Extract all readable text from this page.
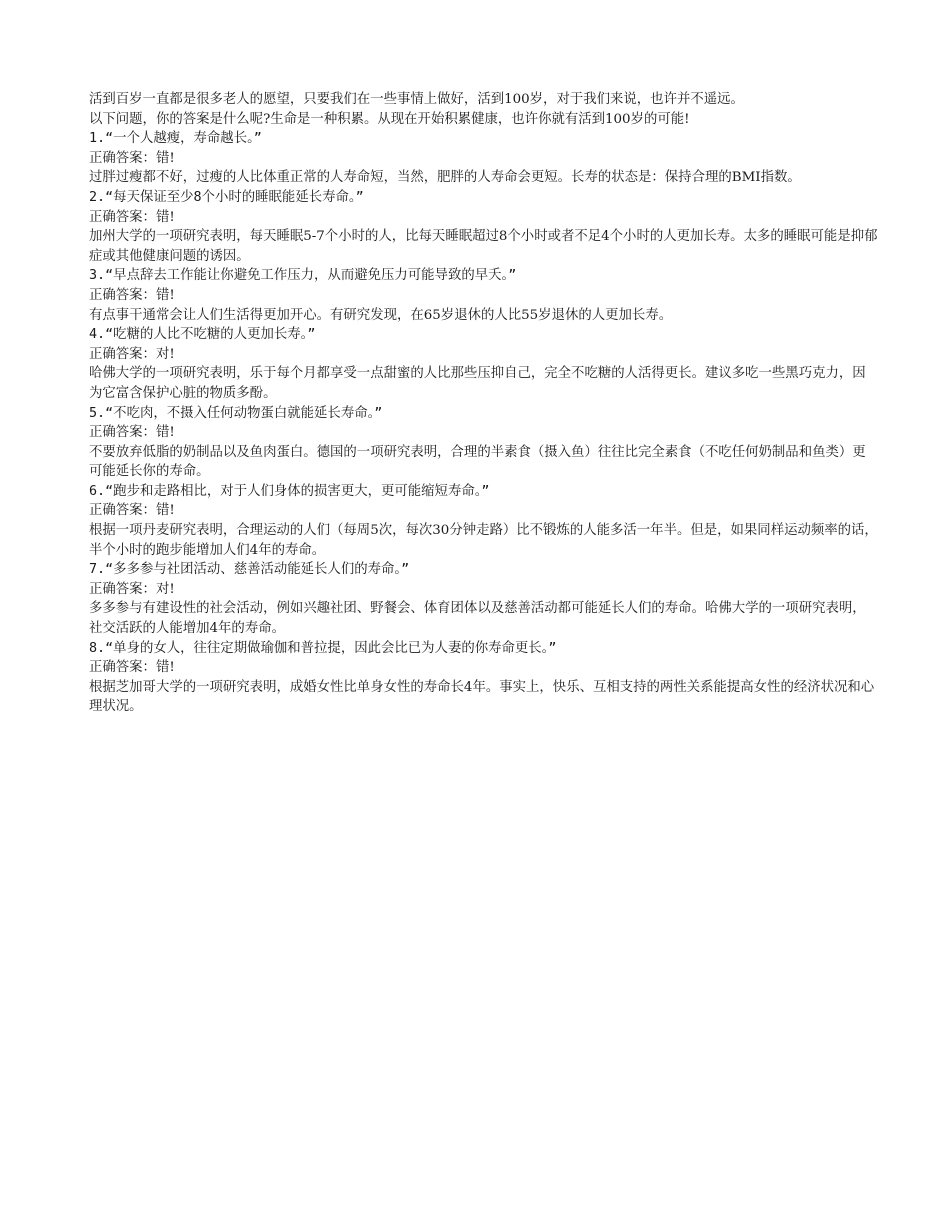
活到百岁一直都是很多老人的愿望，只要我们在一些事情上做好，活到100岁，对于我们来说，也许并不遥远。

以下问题，你的答案是什么呢?生命是一种积累。从现在开始积累健康，也许你就有活到100岁的可能!

1.“一个人越瘦，寿命越长。”

正确答案：错!

过胖过瘦都不好，过瘦的人比体重正常的人寿命短，当然，肥胖的人寿命会更短。长寿的状态是：保持合理的BMI指数。

2.“每天保证至少8个小时的睡眠能延长寿命。”

正确答案：错!

加州大学的一项研究表明，每天睡眠5-7个小时的人，比每天睡眠超过8个小时或者不足4个小时的人更加长寿。太多的睡眠可能是抑郁症或其他健康问题的诱因。

3.“早点辞去工作能让你避免工作压力，从而避免压力可能导致的早夭。”

正确答案：错!

有点事干通常会让人们生活得更加开心。有研究发现，在65岁退休的人比55岁退休的人更加长寿。

4.“吃糖的人比不吃糖的人更加长寿。”

正确答案：对!

哈佛大学的一项研究表明，乐于每个月都享受一点甜蜜的人比那些压抑自己，完全不吃糖的人活得更长。建议多吃一些黑巧克力，因为它富含保护心脏的物质多酚。

5.“不吃肉，不摄入任何动物蛋白就能延长寿命。”

正确答案：错!

不要放弃低脂的奶制品以及鱼肉蛋白。德国的一项研究表明，合理的半素食（摄入鱼）往往比完全素食（不吃任何奶制品和鱼类）更可能延长你的寿命。

6.“跑步和走路相比，对于人们身体的损害更大，更可能缩短寿命。”

正确答案：错!

根据一项丹麦研究表明，合理运动的人们（每周5次，每次30分钟走路）比不锻炼的人能多活一年半。但是，如果同样运动频率的话，半个小时的跑步能增加人们4年的寿命。

7.“多多参与社团活动、慈善活动能延长人们的寿命。”

正确答案：对!

多多参与有建设性的社会活动，例如兴趣社团、野餐会、体育团体以及慈善活动都可能延长人们的寿命。哈佛大学的一项研究表明，社交活跃的人能增加4年的寿命。

8.“单身的女人，往往定期做瑜伽和普拉提，因此会比已为人妻的你寿命更长。”

正确答案：错!

根据芝加哥大学的一项研究表明，成婚女性比单身女性的寿命长4年。事实上，快乐、互相支持的两性关系能提高女性的经济状况和心理状况。
